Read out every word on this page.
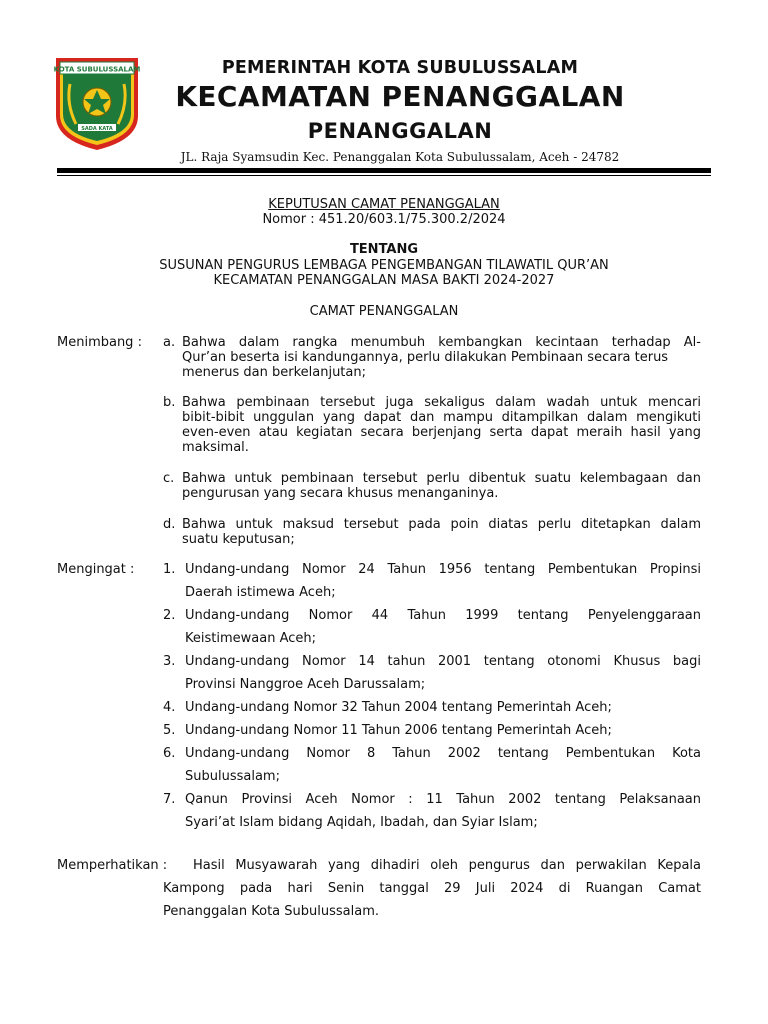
KOTA SUBULUSSALAM
SADA KATA
PEMERINTAH KOTA SUBULUSSALAM
KECAMATAN PENANGGALAN
PENANGGALAN
JL. Raja Syamsudin Kec. Penanggalan Kota Subulussalam, Aceh - 24782
KEPUTUSAN CAMAT PENANGGALAN
Nomor : 451.20/603.1/75.300.2/2024
TENTANG
SUSUNAN PENGURUS LEMBAGA PENGEMBANGAN TILAWATIL QUR’AN
KECAMATAN PENANGGALAN MASA BAKTI 2024-2027
CAMAT PENANGGALAN
Menimbang : a. Bahwa dalam rangka menumbuh kembangkan kecintaan terhadap Al-
Qur’an beserta isi kandungannya, perlu dilakukan Pembinaan secara terus menerus dan berkelanjutan;
b. Bahwa pembinaan tersebut juga sekaligus dalam wadah untuk mencari
bibit-bibit unggulan yang dapat dan mampu ditampilkan dalam mengikuti even-even atau kegiatan secara berjenjang serta dapat meraih hasil yang maksimal.
c. Bahwa untuk pembinaan tersebut perlu dibentuk suatu kelembagaan dan
pengurusan yang secara khusus menanganinya.
d. Bahwa untuk maksud tersebut pada poin diatas perlu ditetapkan dalam
suatu keputusan;
Mengingat : 1. Undang-undang Nomor 24 Tahun 1956 tentang Pembentukan Propinsi
Daerah istimewa Aceh;
2. Undang-undang Nomor 44 Tahun 1999 tentang Penyelenggaraan
Keistimewaan Aceh;
3. Undang-undang Nomor 14 tahun 2001 tentang otonomi Khusus bagi
Provinsi Nanggroe Aceh Darussalam;
4. Undang-undang Nomor 32 Tahun 2004 tentang Pemerintah Aceh;
5. Undang-undang Nomor 11 Tahun 2006 tentang Pemerintah Aceh;
6. Undang-undang Nomor 8 Tahun 2002 tentang Pembentukan Kota
Subulussalam;
7. Qanun Provinsi Aceh Nomor : 11 Tahun 2002 tentang Pelaksanaan
Syari’at Islam bidang Aqidah, Ibadah, dan Syiar Islam;
Memperhatikan :	Hasil Musyawarah yang dihadiri oleh pengurus dan perwakilan Kepala
Kampong pada hari Senin tanggal 29 Juli 2024 di Ruangan Camat
Penanggalan Kota Subulussalam.
